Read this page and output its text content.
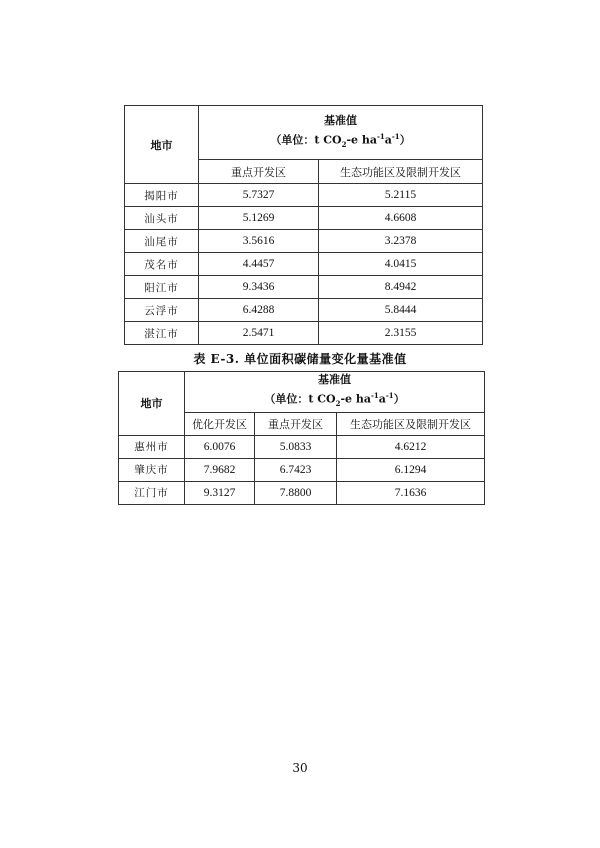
地市	基准值
（单位：t $CO_2-e$ $ha^{-1}a^{-1}$）	

	重点开发区	生态功能区及限制开发区
揭阳市	5.7327	5.2115
汕头市	5.1269	4.6608
汕尾市	3.5616	3.2378
茂名市	4.4457	4.0415
阳江市	9.3436	8.4942
云浮市	6.4288	5.8444
湛江市	2.5471	2.3155
表 E-3. 单位面积碳储量变化量基准值
地市	基准值
（单位：t $CO_2-e$ $ha^{-1}a^{-1}$）		

	优化开发区	重点开发区	生态功能区及限制开发区
惠州市	6.0076	5.0833	4.6212
肇庆市	7.9682	6.7423	6.1294
江门市	9.3127	7.8800	7.1636
30
